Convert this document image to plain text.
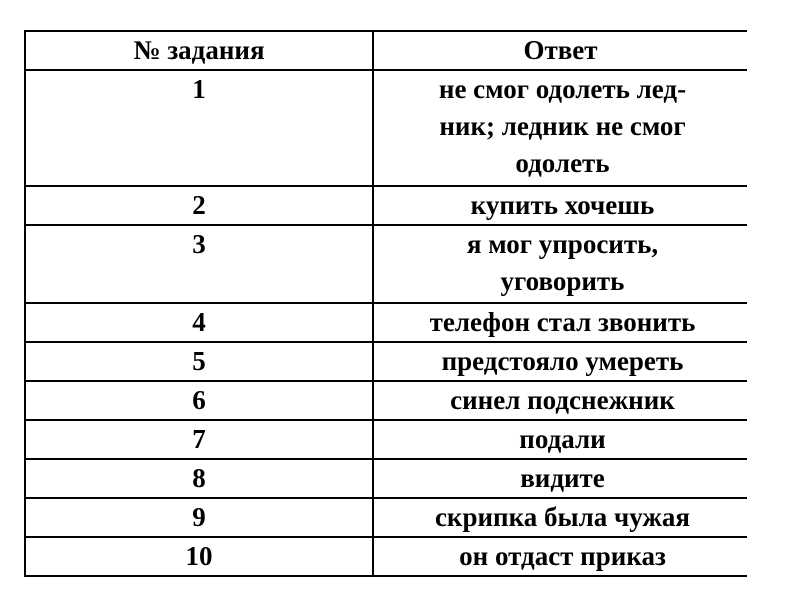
№ задания	Ответ
1	не смог одолеть лед-
ник; ледник не смог
одолеть

2	купить хочешь
3	я мог упросить,
уговорить

4	телефон стал звонить
5	предстояло умереть
6	синел подснежник
7	подали
8	видите
9	скрипка была чужая
10	он отдаст приказ
